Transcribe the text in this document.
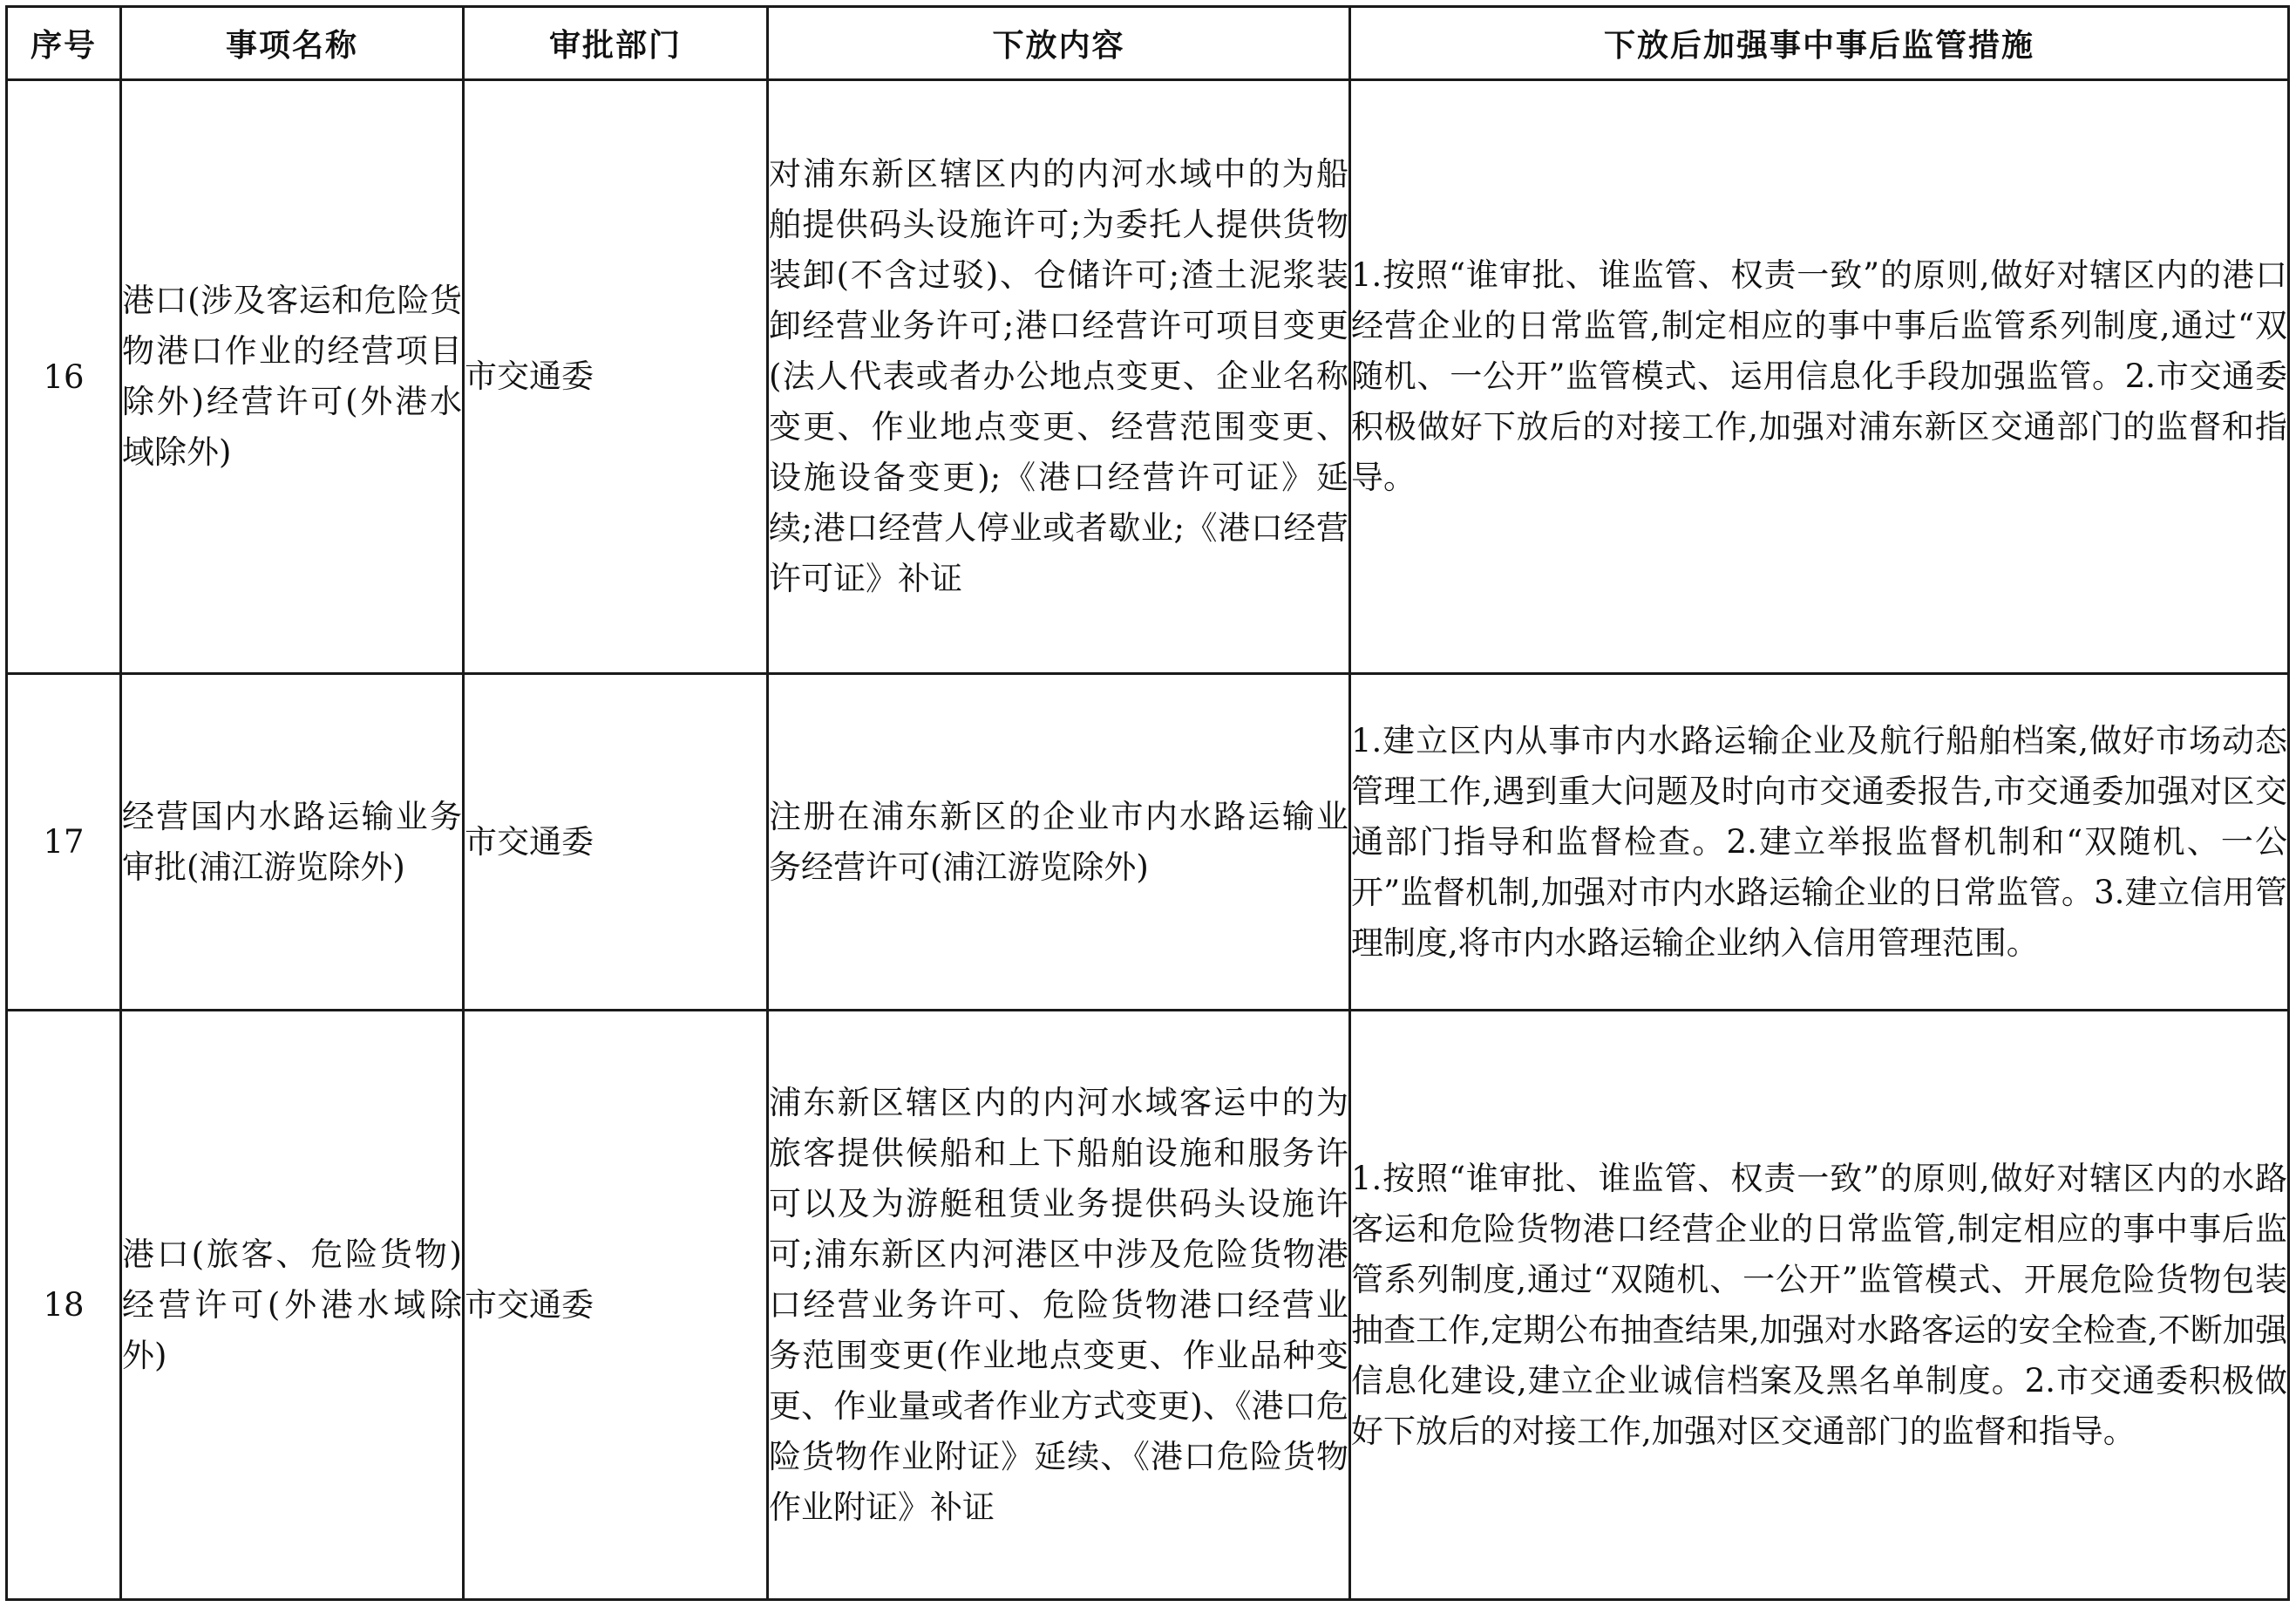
序号	事项名称	审批部门	下放内容	下放后加强事中事后监管措施
16	港口(涉及客运和危险货物港口作业的经营项目除外)经营许可(外港水域除外)	市交通委	对浦东新区辖区内的内河水域中的为船舶提供码头设施许可;为委托人提供货物装卸(不含过驳)、仓储许可;渣土泥浆装卸经营业务许可;港口经营许可项目变更(法人代表或者办公地点变更、企业名称变更、作业地点变更、经营范围变更、设施设备变更);《港口经营许可证》延续;港口经营人停业或者歇业;《港口经营许可证》补证	1.按照“谁审批、谁监管、权责一致”的原则,做好对辖区内的港口经营企业的日常监管,制定相应的事中事后监管系列制度,通过“双随机、一公开”监管模式、运用信息化手段加强监管。2.市交通委积极做好下放后的对接工作,加强对浦东新区交通部门的监督和指导。
17	经营国内水路运输业务审批(浦江游览除外)	市交通委	注册在浦东新区的企业市内水路运输业务经营许可(浦江游览除外)	1.建立区内从事市内水路运输企业及航行船舶档案,做好市场动态管理工作,遇到重大问题及时向市交通委报告,市交通委加强对区交通部门指导和监督检查。2.建立举报监督机制和“双随机、一公开”监督机制,加强对市内水路运输企业的日常监管。3.建立信用管理制度,将市内水路运输企业纳入信用管理范围。
18	港口(旅客、危险货物)经营许可(外港水域除外)	市交通委	浦东新区辖区内的内河水域客运中的为旅客提供候船和上下船舶设施和服务许可以及为游艇租赁业务提供码头设施许可;浦东新区内河港区中涉及危险货物港口经营业务许可、危险货物港口经营业务范围变更(作业地点变更、作业品种变更、作业量或者作业方式变更)、《港口危险货物作业附证》延续、《港口危险货物作业附证》补证	1.按照“谁审批、谁监管、权责一致”的原则,做好对辖区内的水路客运和危险货物港口经营企业的日常监管,制定相应的事中事后监管系列制度,通过“双随机、一公开”监管模式、开展危险货物包装抽查工作,定期公布抽查结果,加强对水路客运的安全检查,不断加强信息化建设,建立企业诚信档案及黑名单制度。2.市交通委积极做好下放后的对接工作,加强对区交通部门的监督和指导。
